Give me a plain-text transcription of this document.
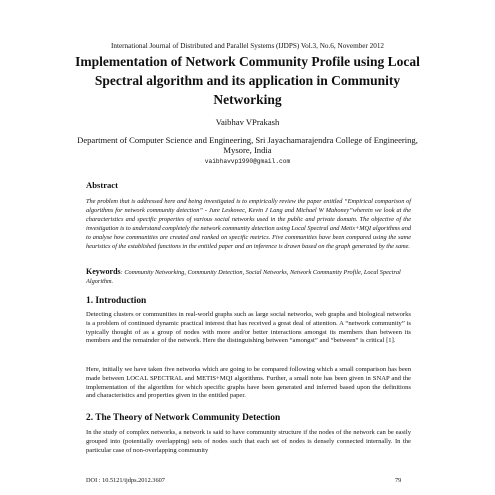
International Journal of Distributed and Parallel Systems (IJDPS) Vol.3, No.6, November 2012
Implementation of Network Community Profile using Local Spectral algorithm and its application in Community Networking
Vaibhav VPrakash
Department of Computer Science and Engineering, Sri Jayachamarajendra College of Engineering, Mysore, India
vaibhavvp1990@gmail.com
Abstract
The problem that is addressed here and being investigated is to empirically review the paper entitled “Empirical comparison of algorithms for network community detection” - Jure Leskovec, Kevin J Lang and Michael W Mahoney”wherein we look at the characteristics and specific properties of various social networks used in the public and private domain. The objective of the investigation is to understand completely the network community detection using Local Spectral and Metis+MQI algorithms and to analyse how communities are created and ranked on specific metrics. Five communities have been compared using the same heuristics of the established functions in the entitled paper and an inference is drawn based on the graph generated by the same.
Keywords: Community Networking, Community Detection, Social Networks, Network Community Profile, Local Spectral Algorithm.
1. Introduction
Detecting clusters or communities in real-world graphs such as large social networks, web graphs and biological networks is a problem of continued dynamic practical interest that has received a great deal of attention. A “network community” is typically thought of as a group of nodes with more and/or better interactions amongst its members than between its members and the remainder of the network. Here the distinguishing between “amongst” and “between” is critical [1].
Here, initially we have taken five networks which are going to be compared following which a small comparison has been made between LOCAL SPECTRAL and METIS+MQI algorithms. Further, a small note has been given in SNAP and the implementation of the algorithm for which specific graphs have been generated and inferred based upon the definitions and characteristics and properties given in the entitled paper.
2. The Theory of Network Community Detection
In the study of complex networks, a network is said to have community structure if the nodes of the network can be easily grouped into (potentially overlapping) sets of nodes such that each set of nodes is densely connected internally. In the particular case of non-overlapping community
DOI : 10.5121/ijdps.2012.3607	79
